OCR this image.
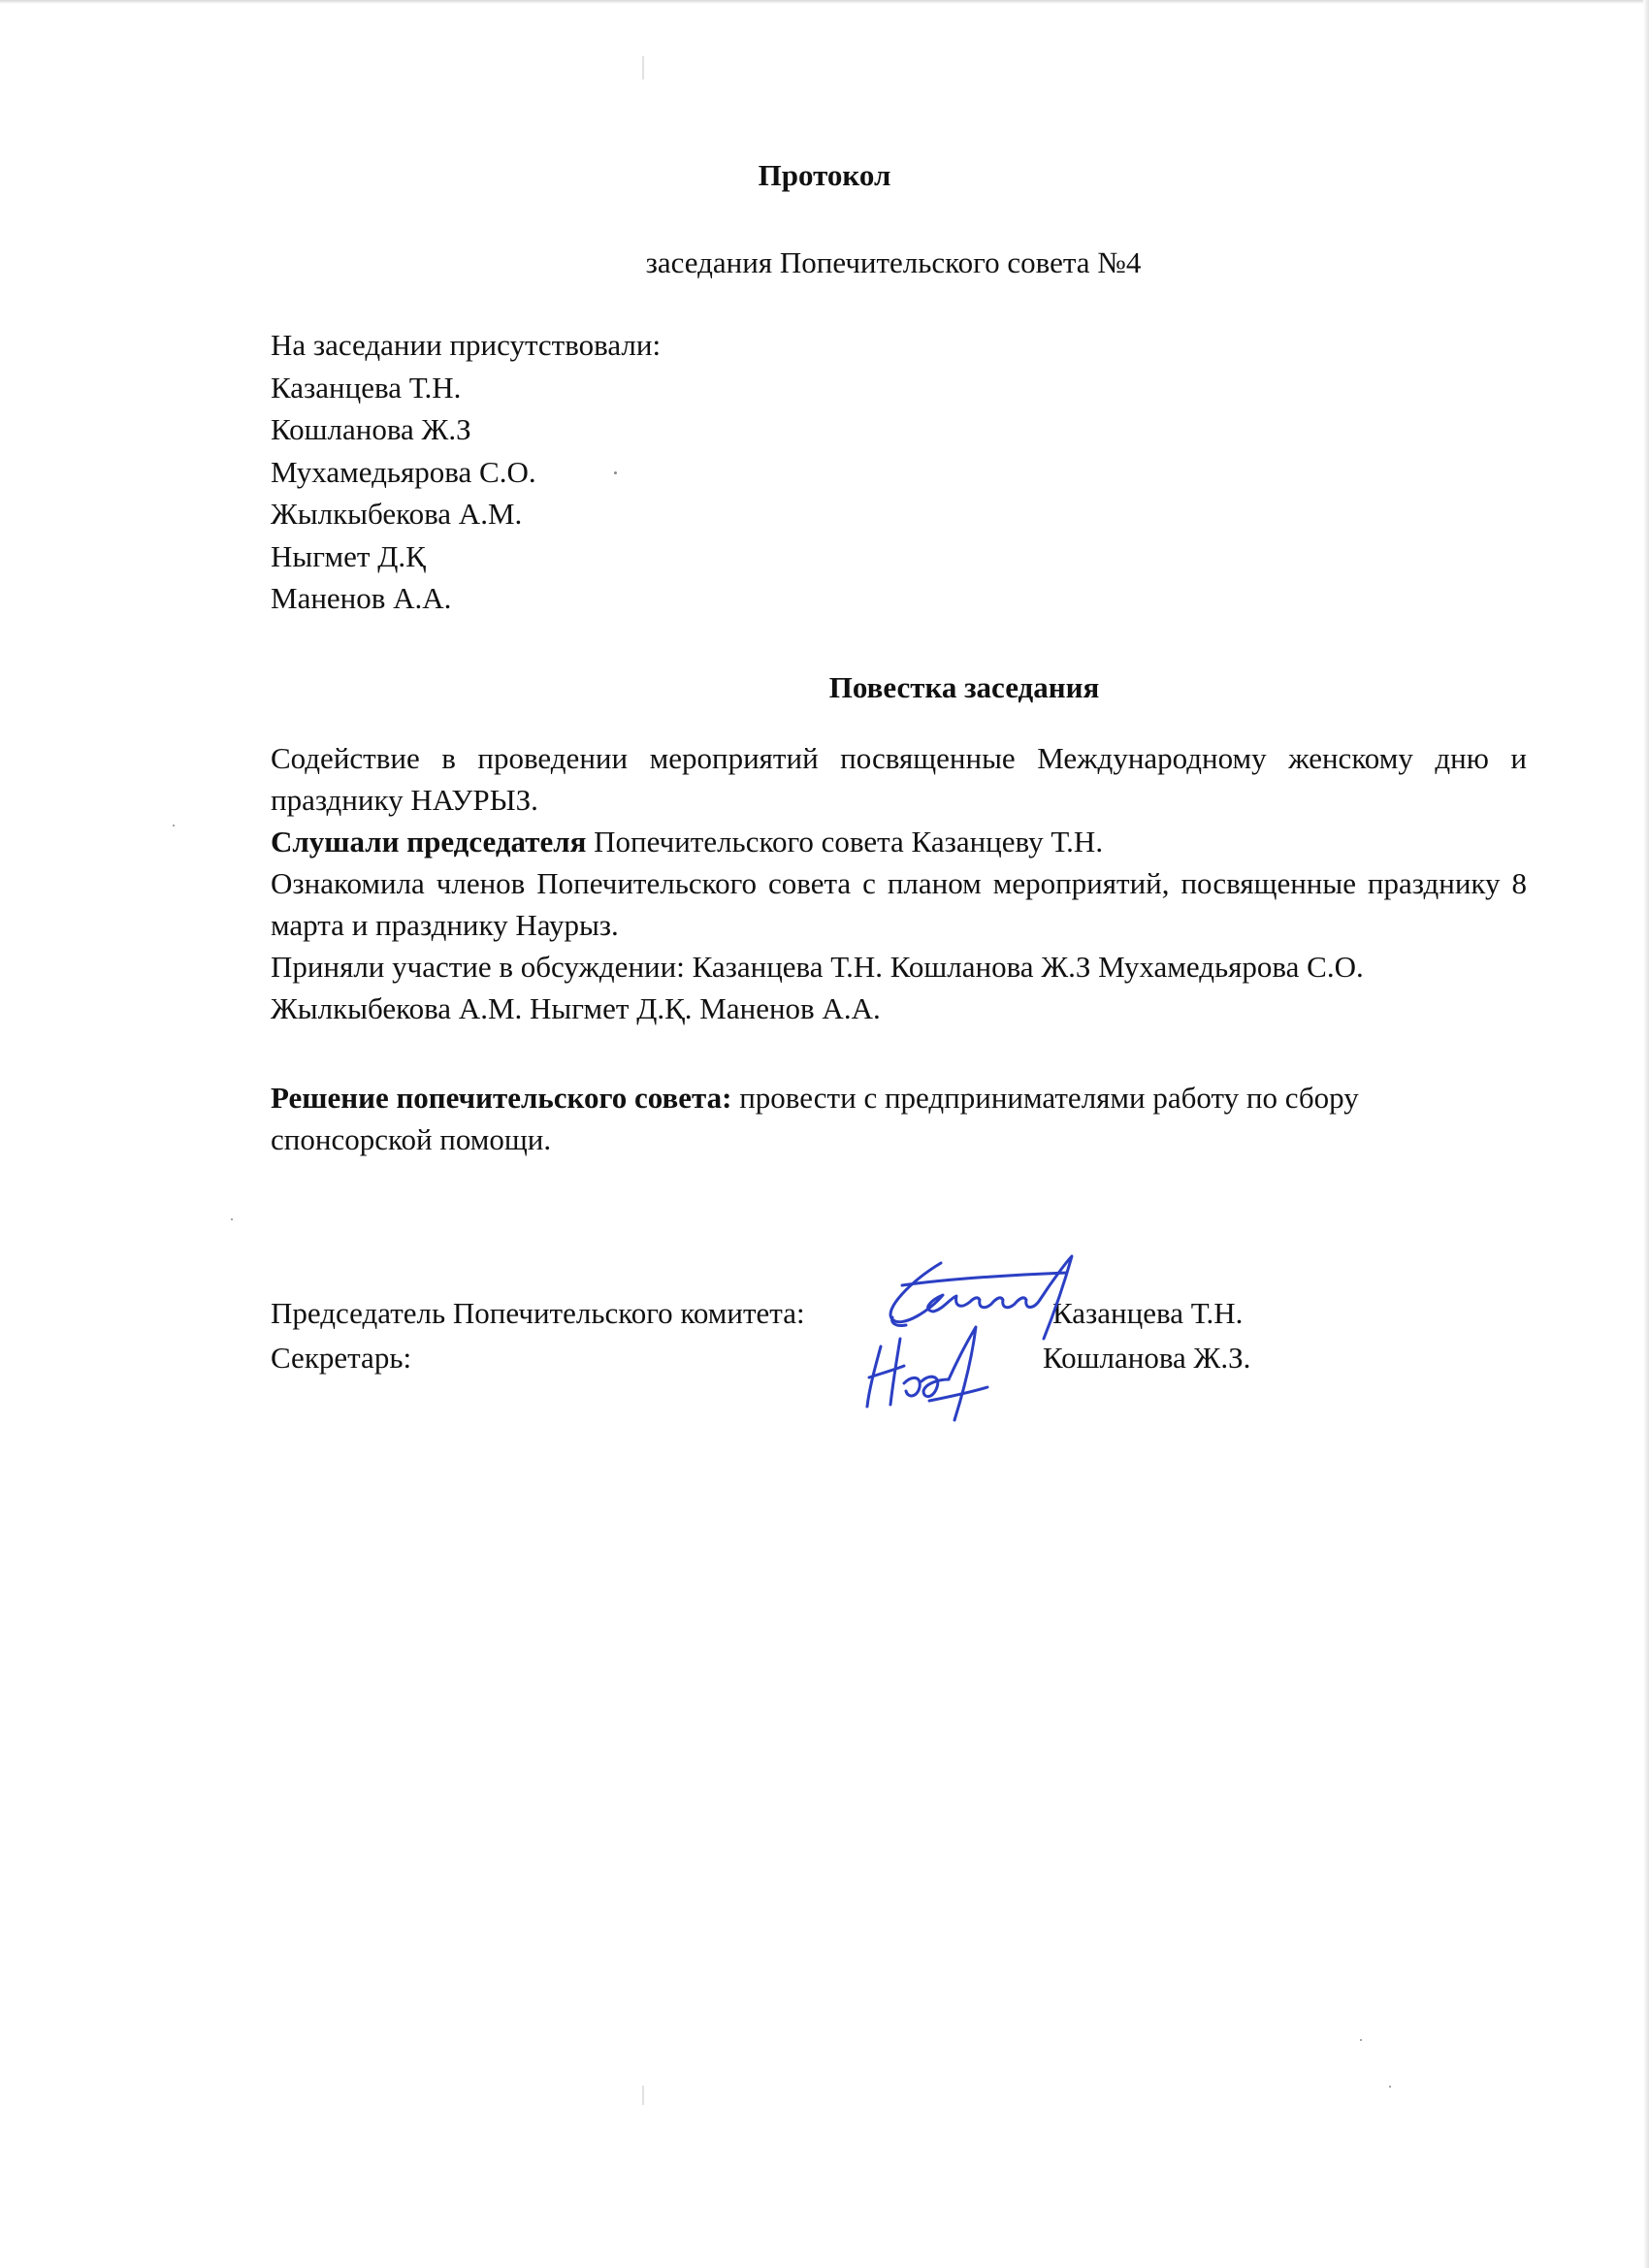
Протокол
заседания Попечительского совета №4
На заседании присутствовали:
Казанцева Т.Н.
Кошланова Ж.З
Мухамедьярова С.О.
Жылкыбекова А.М.
Ныгмет Д.Қ
Маненов А.А.
Повестка заседания
Содействие в проведении мероприятий посвященные Международному женскому дню и празднику НАУРЫЗ.
Слушали председателя Попечительского совета Казанцеву Т.Н.
Ознакомила членов Попечительского совета с планом мероприятий, посвященные празднику 8 марта и празднику Наурыз.
Приняли участие в обсуждении: Казанцева Т.Н. Кошланова Ж.З Мухамедьярова С.О. Жылкыбекова А.М. Ныгмет Д.Қ. Маненов А.А.
Решение попечительского совета: провести с предпринимателями работу по сбору спонсорской помощи.
Председатель Попечительского комитета:	Казанцева Т.Н.
Секретарь:	Кошланова Ж.З.
